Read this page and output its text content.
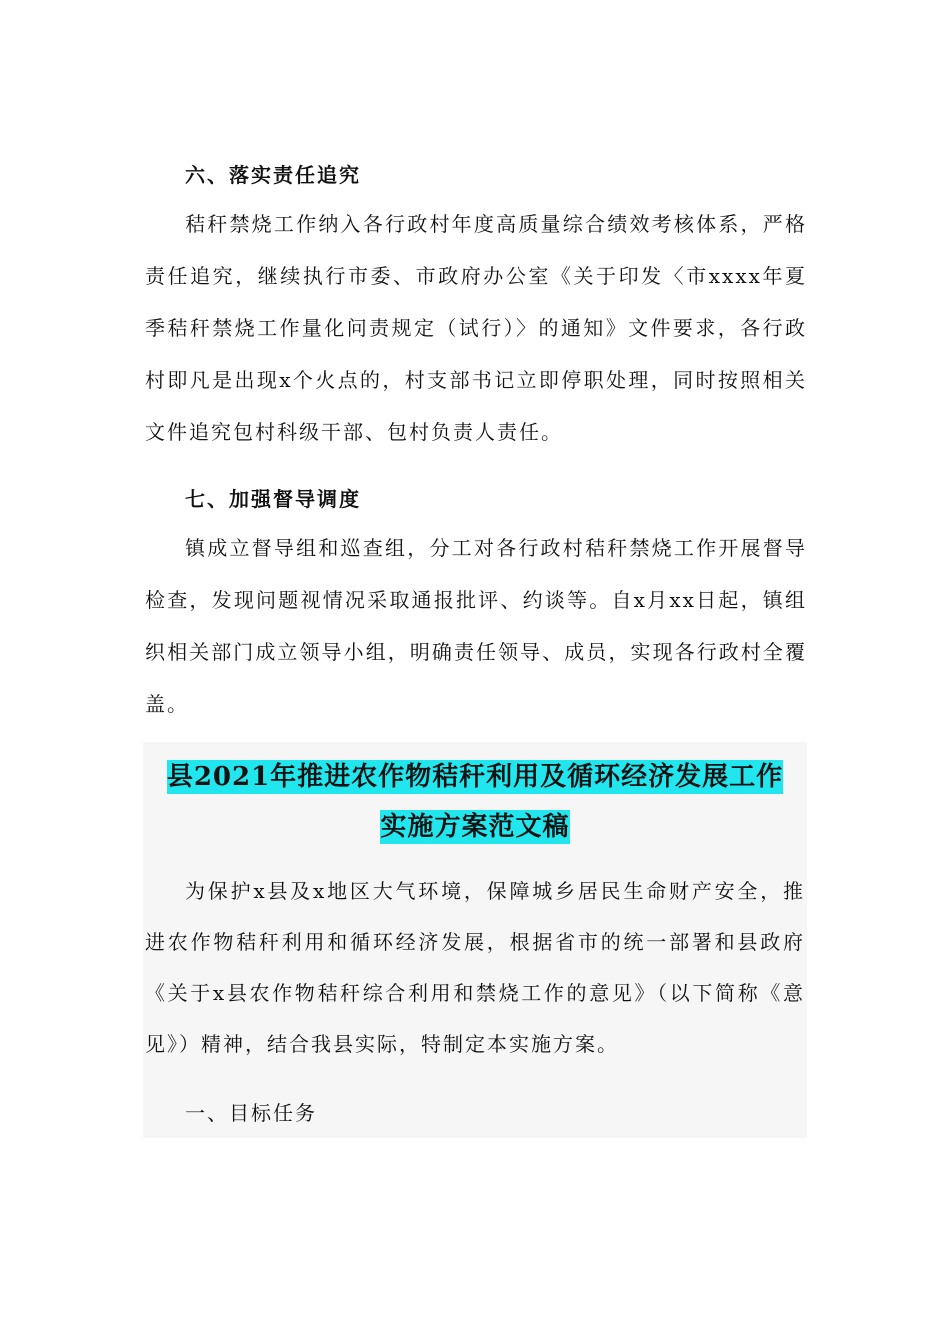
六、落实责任追究

秸秆禁烧工作纳入各行政村年度高质量综合绩效考核体系，严格责任追究，继续执行市委、市政府办公室《关于印发〈市xxxx年夏季秸秆禁烧工作量化问责规定（试行）〉的通知》文件要求，各行政村即凡是出现x个火点的，村支部书记立即停职处理，同时按照相关文件追究包村科级干部、包村负责人责任。

七、加强督导调度

镇成立督导组和巡查组，分工对各行政村秸秆禁烧工作开展督导检查，发现问题视情况采取通报批评、约谈等。自x月xx日起，镇组织相关部门成立领导小组，明确责任领导、成员，实现各行政村全覆盖。

县2021年推进农作物秸秆利用及循环经济发展工作
实施方案范文稿

为保护x县及x地区大气环境，保障城乡居民生命财产安全，推进农作物秸秆利用和循环经济发展，根据省市的统一部署和县政府《关于x县农作物秸秆综合利用和禁烧工作的意见》（以下简称《意见》）精神，结合我县实际，特制定本实施方案。

一、目标任务
